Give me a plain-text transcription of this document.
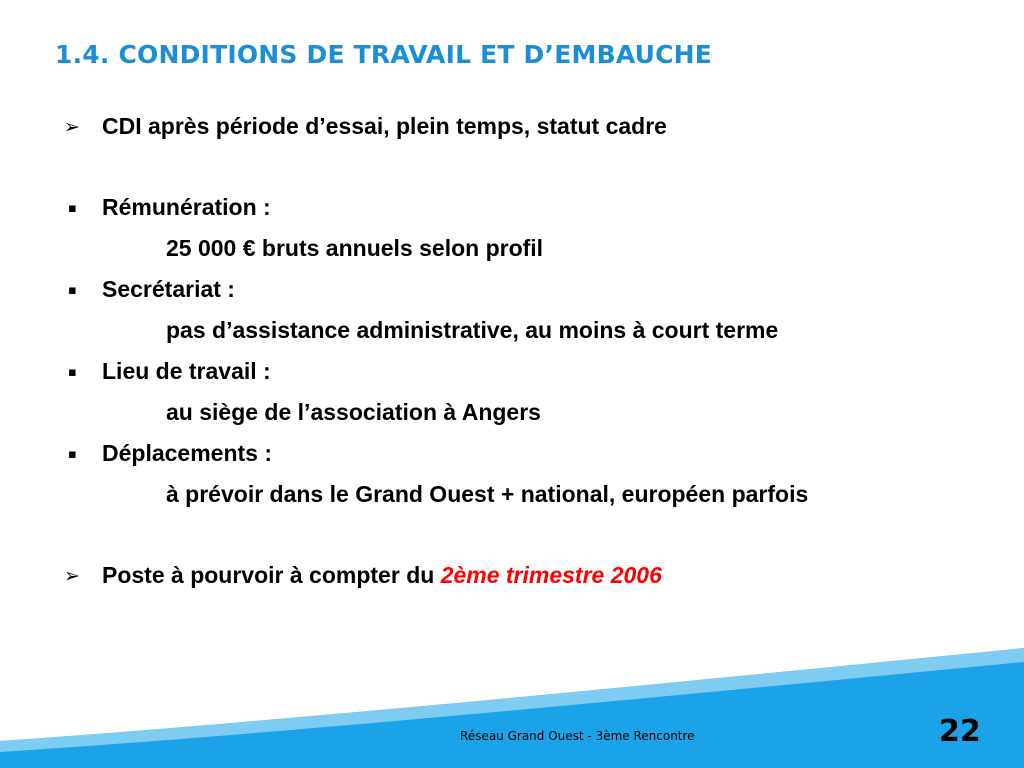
1.4. CONDITIONS DE TRAVAIL ET D’EMBAUCHE
➢ CDI après période d’essai, plein temps, statut cadre

▪ Rémunération :

25 000 € bruts annuels selon profil

▪ Secrétariat :

pas d’assistance administrative, au moins à court terme

▪ Lieu de travail :

au siège de l’association à Angers

▪ Déplacements :

à prévoir dans le Grand Ouest + national, européen parfois

➢ Poste à pourvoir à compter du 2ème trimestre 2006

Réseau Grand Ouest - 3ème Rencontre	22
